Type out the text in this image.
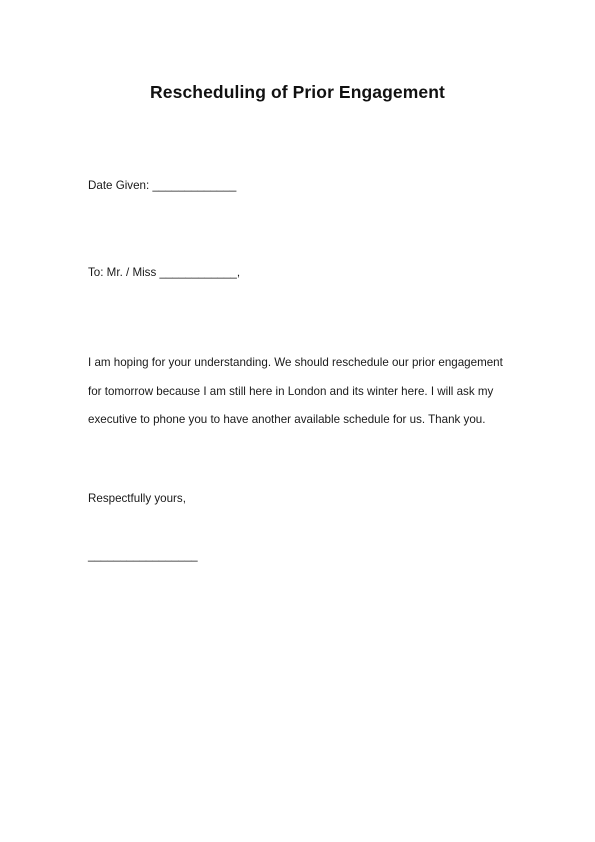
Rescheduling of Prior Engagement
Date Given: _____________
To: Mr. / Miss ____________,
I am hoping for your understanding. We should reschedule our prior engagement
for tomorrow because I am still here in London and its winter here. I will ask my
executive to phone you to have another available schedule for us. Thank you.
Respectfully yours,
_________________
